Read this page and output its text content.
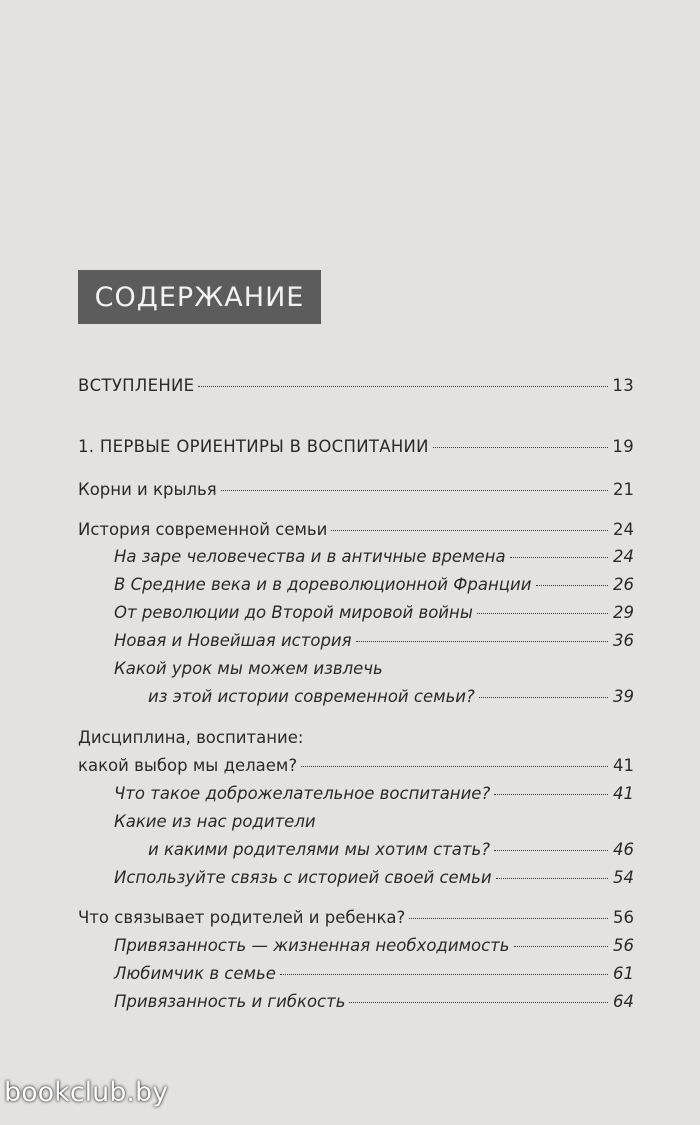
СОДЕРЖАНИЕ
ВСТУПЛЕНИЕ	13
1. ПЕРВЫЕ ОРИЕНТИРЫ В ВОСПИТАНИИ	19
Корни и крылья	21
История современной семьи	24
На заре человечества и в античные времена	24
В Средние века и в дореволюционной Франции	26
От революции до Второй мировой войны	29
Новая и Новейшая история	36
Какой урок мы можем извлечь
из этой истории современной семьи?	39
Дисциплина, воспитание:
какой выбор мы делаем?	41
Что такое доброжелательное воспитание?	41
Какие из нас родители
и какими родителями мы хотим стать?	46
Используйте связь с историей своей семьи	54
Что связывает родителей и ребенка?	56
Привязанность — жизненная необходимость	56
Любимчик в семье	61
Привязанность и гибкость	64
bookclub.by
